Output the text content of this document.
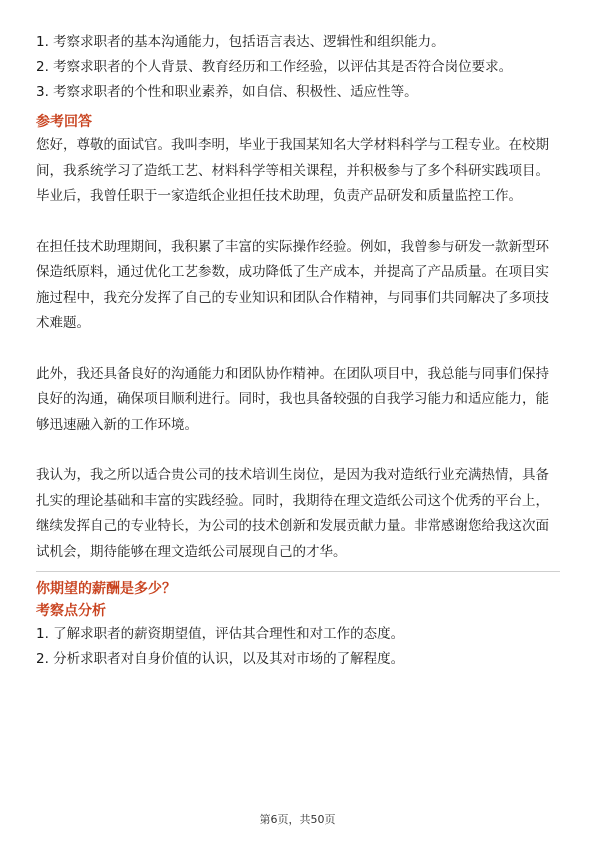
1. 考察求职者的基本沟通能力，包括语言表达、逻辑性和组织能力。
2. 考察求职者的个人背景、教育经历和工作经验，以评估其是否符合岗位要求。
3. 考察求职者的个性和职业素养，如自信、积极性、适应性等。
参考回答

您好，尊敬的面试官。我叫李明，毕业于我国某知名大学材料科学与工程专业。在校期间，我系统学习了造纸工艺、材料科学等相关课程，并积极参与了多个科研实践项目。毕业后，我曾任职于一家造纸企业担任技术助理，负责产品研发和质量监控工作。

在担任技术助理期间，我积累了丰富的实际操作经验。例如，我曾参与研发一款新型环保造纸原料，通过优化工艺参数，成功降低了生产成本，并提高了产品质量。在项目实施过程中，我充分发挥了自己的专业知识和团队合作精神，与同事们共同解决了多项技术难题。

此外，我还具备良好的沟通能力和团队协作精神。在团队项目中，我总能与同事们保持良好的沟通，确保项目顺利进行。同时，我也具备较强的自我学习能力和适应能力，能够迅速融入新的工作环境。

我认为，我之所以适合贵公司的技术培训生岗位，是因为我对造纸行业充满热情，具备扎实的理论基础和丰富的实践经验。同时，我期待在理文造纸公司这个优秀的平台上，继续发挥自己的专业特长，为公司的技术创新和发展贡献力量。非常感谢您给我这次面试机会，期待能够在理文造纸公司展现自己的才华。

你期望的薪酬是多少？
考察点分析
1. 了解求职者的薪资期望值，评估其合理性和对工作的态度。
2. 分析求职者对自身价值的认识，以及其对市场的了解程度。
第6页，共50页
